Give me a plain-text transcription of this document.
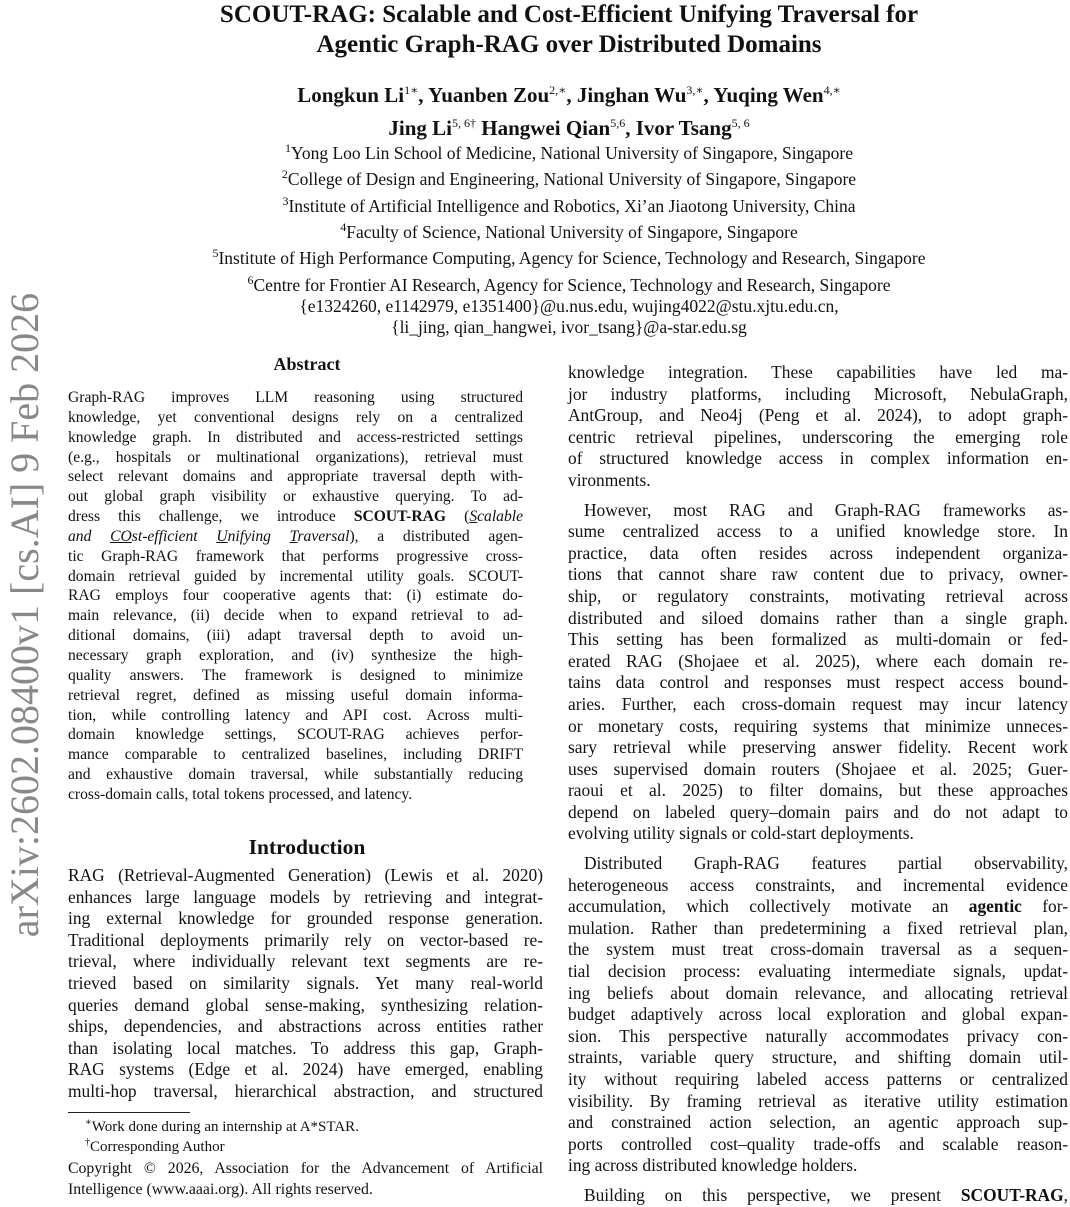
arXiv:2602.08400v1 [cs.AI] 9 Feb 2026
SCOUT-RAG: Scalable and Cost-Efficient Unifying Traversal for
Agentic Graph-RAG over Distributed Domains
Longkun $Li^{1∗}$, Yuanben Zou$^{2,∗}$, Jinghan $Wu^{3,∗}$, Yuqing Wen$^{4,∗}$
Jing $Li^{5, 6\dagger}$ Hangwei Qian$^{5,6}$, Ivor Tsang$^{5, 6}$
$^1$Yong Loo Lin School of Medicine, National University of Singapore, Singapore
$^2$College of Design and Engineering, National University of Singapore, Singapore
$^3$Institute of Artificial Intelligence and Robotics, Xi’an Jiaotong University, China
$^4$Faculty of Science, National University of Singapore, Singapore
$^5$Institute of High Performance Computing, Agency for Science, Technology and Research, Singapore
$^6$Centre for Frontier AI Research, Agency for Science, Technology and Research, Singapore
{e1324260, e1142979, e1351400}@u.nus.edu, wujing4022@stu.xjtu.edu.cn,
{li_jing, qian_hangwei, ivor_tsang}@a-star.edu.sg
Abstract
Graph-RAG improves LLM reasoning using structured
knowledge, yet conventional designs rely on a centralized
knowledge graph. In distributed and access-restricted settings
(e.g., hospitals or multinational organizations), retrieval must
select relevant domains and appropriate traversal depth with-
out global graph visibility or exhaustive querying. To ad-
dress this challenge, we introduce SCOUT-RAG (Scalable
and COst-efficient Unifying Traversal), a distributed agen-
tic Graph-RAG framework that performs progressive cross-
domain retrieval guided by incremental utility goals. SCOUT-
RAG employs four cooperative agents that: (i) estimate do-
main relevance, (ii) decide when to expand retrieval to ad-
ditional domains, (iii) adapt traversal depth to avoid un-
necessary graph exploration, and (iv) synthesize the high-
quality answers. The framework is designed to minimize
retrieval regret, defined as missing useful domain informa-
tion, while controlling latency and API cost. Across multi-
domain knowledge settings, SCOUT-RAG achieves perfor-
mance comparable to centralized baselines, including DRIFT
and exhaustive domain traversal, while substantially reducing
cross-domain calls, total tokens processed, and latency.
Introduction
RAG (Retrieval-Augmented Generation) (Lewis et al. 2020)
enhances large language models by retrieving and integrat-
ing external knowledge for grounded response generation.
Traditional deployments primarily rely on vector-based re-
trieval, where individually relevant text segments are re-
trieved based on similarity signals. Yet many real-world
queries demand global sense-making, synthesizing relation-
ships, dependencies, and abstractions across entities rather
than isolating local matches. To address this gap, Graph-
RAG systems (Edge et al. 2024) have emerged, enabling
multi-hop traversal, hierarchical abstraction, and structured
knowledge integration. These capabilities have led ma-
jor industry platforms, including Microsoft, NebulaGraph,
AntGroup, and Neo4j (Peng et al. 2024), to adopt graph-
centric retrieval pipelines, underscoring the emerging role
of structured knowledge access in complex information en-
vironments.
However, most RAG and Graph-RAG frameworks as-
sume centralized access to a unified knowledge store. In
practice, data often resides across independent organiza-
tions that cannot share raw content due to privacy, owner-
ship, or regulatory constraints, motivating retrieval across
distributed and siloed domains rather than a single graph.
This setting has been formalized as multi-domain or fed-
erated RAG (Shojaee et al. 2025), where each domain re-
tains data control and responses must respect access bound-
aries. Further, each cross-domain request may incur latency
or monetary costs, requiring systems that minimize unneces-
sary retrieval while preserving answer fidelity. Recent work
uses supervised domain routers (Shojaee et al. 2025; Guer-
raoui et al. 2025) to filter domains, but these approaches
depend on labeled query–domain pairs and do not adapt to
evolving utility signals or cold-start deployments.
Distributed Graph-RAG features partial observability,
heterogeneous access constraints, and incremental evidence
accumulation, which collectively motivate an agentic for-
mulation. Rather than predetermining a fixed retrieval plan,
the system must treat cross-domain traversal as a sequen-
tial decision process: evaluating intermediate signals, updat-
ing beliefs about domain relevance, and allocating retrieval
budget adaptively across local exploration and global expan-
sion. This perspective naturally accommodates privacy con-
straints, variable query structure, and shifting domain util-
ity without requiring labeled access patterns or centralized
visibility. By framing retrieval as iterative utility estimation
and constrained action selection, an agentic approach sup-
ports controlled cost–quality trade-offs and scalable reason-
ing across distributed knowledge holders.
Building on this perspective, we present SCOUT-RAG,
∗Work done during an internship at A*STAR.
†Corresponding Author
Copyright © 2026, Association for the Advancement of Artificial
Intelligence (www.aaai.org). All rights reserved.
